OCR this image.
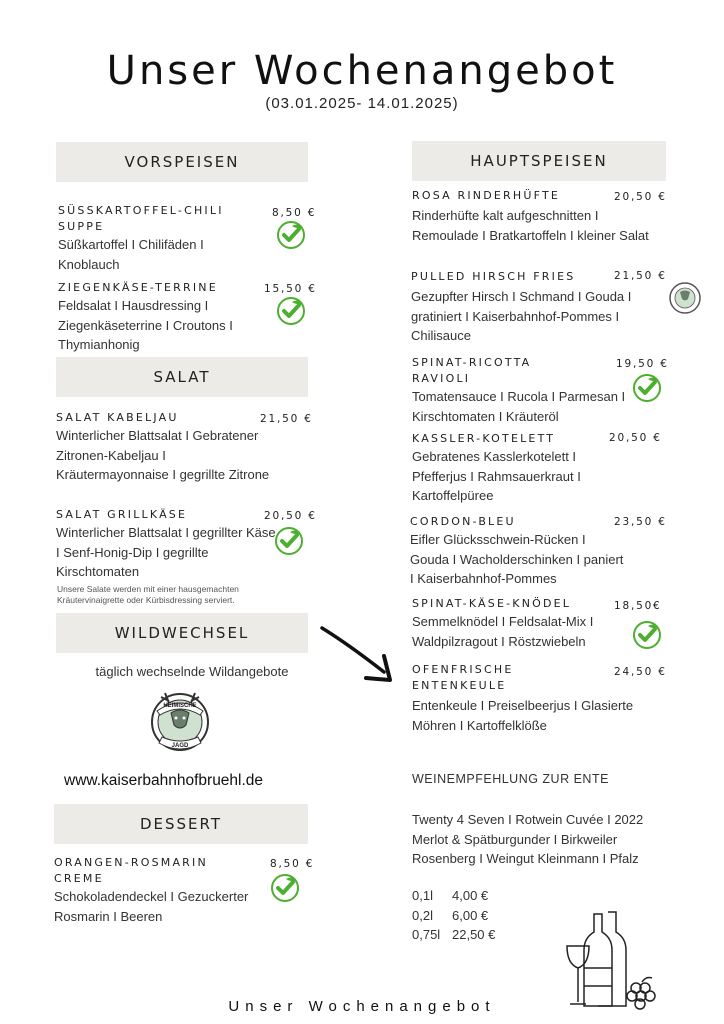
Unser Wochenangebot
(03.01.2025- 14.01.2025)
VORSPEISEN
SÜSSKARTOFFEL-CHILI SUPPE
Süßkartoffel I Chilifäden I Knoblauch
8,50 €
ZIEGENKÄSE-TERRINE
Feldsalat I Hausdressing I Ziegenkäseterrine I Croutons I Thymianhonig
15,50 €
SALAT
SALAT KABELJAU
Winterlicher Blattsalat I Gebratener Zitronen-Kabeljau I Kräutermayonnaise I gegrillte Zitrone
21,50 €
SALAT GRILLKÄSE
Winterlicher Blattsalat I gegrillter Käse I Senf-Honig-Dip I gegrillte Kirschtomaten
20,50 €
Unsere Salate werden mit einer hausgemachten Kräutervinaigrette oder Kürbisdressing serviert.
WILDWECHSEL
täglich wechselnde Wildangebote
HEIMISCHE
JAGD
www.kaiserbahnhofbruehl.de
DESSERT
ORANGEN-ROSMARIN CREME
Schokoladendeckel I Gezuckerter Rosmarin I Beeren
8,50 €
HAUPTSPEISEN
ROSA RINDERHÜFTE
Rinderhüfte kalt aufgeschnitten I Remoulade I Bratkartoffeln I kleiner Salat
20,50 €
PULLED HIRSCH FRIES
Gezupfter Hirsch I Schmand I Gouda I gratiniert I Kaiserbahnhof-Pommes I Chilisauce
21,50 €
SPINAT-RICOTTA RAVIOLI
Tomatensauce I Rucola I Parmesan I Kirschtomaten I Kräuteröl
19,50 €
KASSLER-KOTELETT
Gebratenes Kasslerkotelett I Pfefferjus I Rahmsauerkraut I Kartoffelpüree
20,50 €
CORDON-BLEU
Eifler Glücksschwein-Rücken I Gouda I Wacholderschinken I paniert I Kaiserbahnhof-Pommes
23,50 €
SPINAT-KÄSE-KNÖDEL
Semmelknödel I Feldsalat-Mix I Waldpilzragout I Röstzwiebeln
18,50€
OFENFRISCHE ENTENKEULE
Entenkeule I Preiselbeerjus I Glasierte Möhren I Kartoffelklöße
24,50 €
WEINEMPFEHLUNG ZUR ENTE
Twenty 4 Seven I Rotwein Cuvée I 2022 Merlot & Spätburgunder I Birkweiler Rosenberg I Weingut Kleinmann I Pfalz
0,1l 4,00 €
0,2l 6,00 €
0,75l 22,50 €
Unser Wochenangebot
